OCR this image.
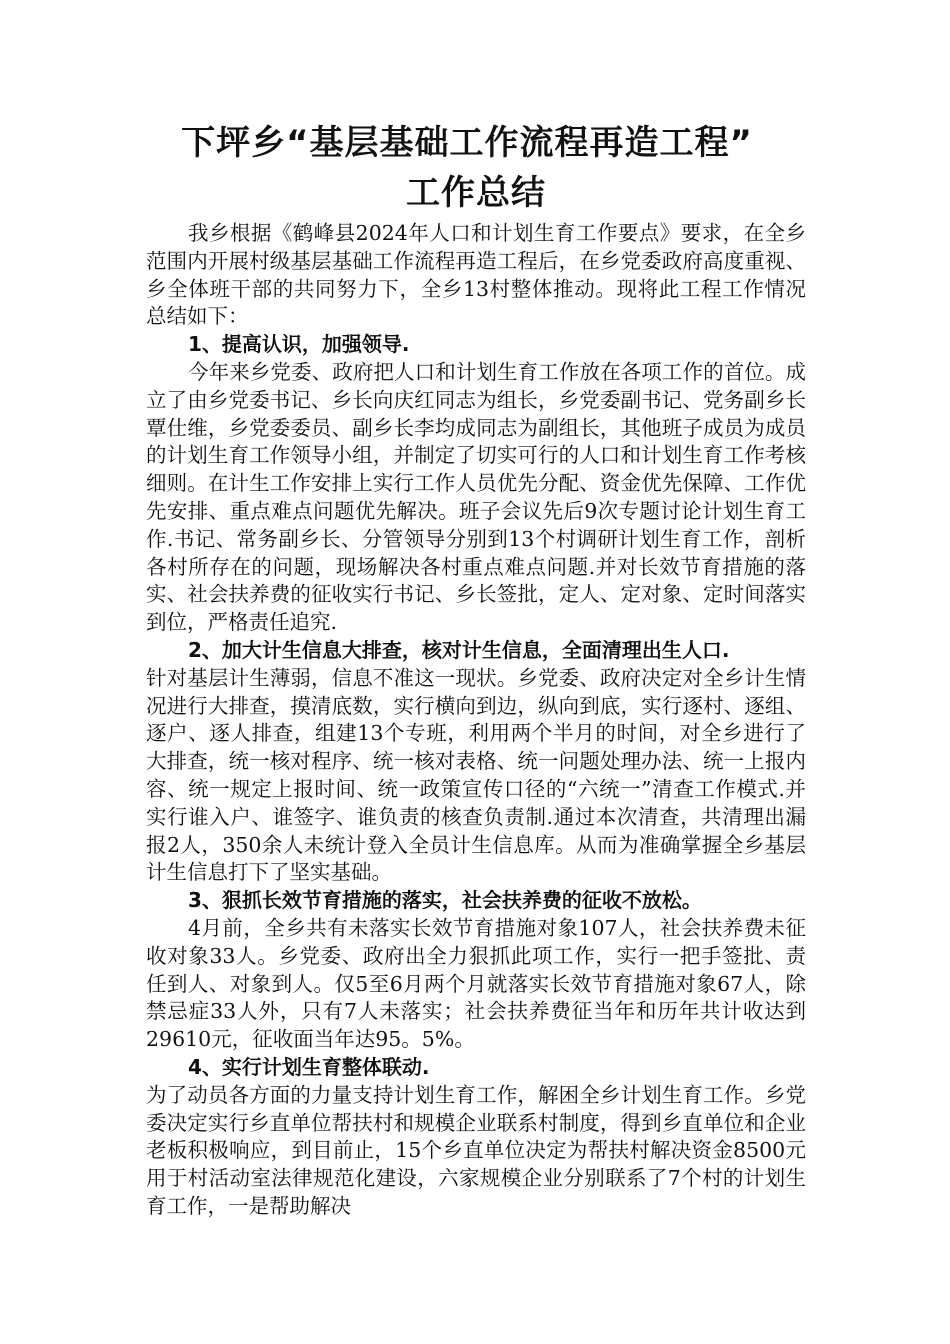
下坪乡“基层基础工作流程再造工程”
工作总结

我乡根据《鹤峰县2024年人口和计划生育工作要点》要求，在全乡范围内开展村级基层基础工作流程再造工程后，在乡党委政府高度重视、乡全体班干部的共同努力下，全乡13村整体推动。现将此工程工作情况总结如下：

1、提高认识，加强领导.

今年来乡党委、政府把人口和计划生育工作放在各项工作的首位。成立了由乡党委书记、乡长向庆红同志为组长，乡党委副书记、党务副乡长覃仕维，乡党委委员、副乡长李均成同志为副组长，其他班子成员为成员的计划生育工作领导小组，并制定了切实可行的人口和计划生育工作考核细则。在计生工作安排上实行工作人员优先分配、资金优先保障、工作优先安排、重点难点问题优先解决。班子会议先后9次专题讨论计划生育工作.书记、常务副乡长、分管领导分别到13个村调研计划生育工作，剖析各村所存在的问题，现场解决各村重点难点问题.并对长效节育措施的落实、社会扶养费的征收实行书记、乡长签批，定人、定对象、定时间落实到位，严格责任追究.

2、加大计生信息大排查，核对计生信息，全面清理出生人口.

针对基层计生薄弱，信息不准这一现状。乡党委、政府决定对全乡计生情况进行大排查，摸清底数，实行横向到边，纵向到底，实行逐村、逐组、逐户、逐人排查，组建13个专班，利用两个半月的时间，对全乡进行了大排查，统一核对程序、统一核对表格、统一问题处理办法、统一上报内容、统一规定上报时间、统一政策宣传口径的“六统一”清查工作模式.并实行谁入户、谁签字、谁负责的核查负责制.通过本次清查，共清理出漏报2人，350余人未统计登入全员计生信息库。从而为准确掌握全乡基层计生信息打下了坚实基础。

3、狠抓长效节育措施的落实，社会扶养费的征收不放松。

4月前，全乡共有未落实长效节育措施对象107人，社会扶养费未征收对象33人。乡党委、政府出全力狠抓此项工作，实行一把手签批、责任到人、对象到人。仅5至6月两个月就落实长效节育措施对象67人，除禁忌症33人外，只有7人未落实；社会扶养费征当年和历年共计收达到29610元，征收面当年达95。5%。

4、实行计划生育整体联动.

为了动员各方面的力量支持计划生育工作，解困全乡计划生育工作。乡党委决定实行乡直单位帮扶村和规模企业联系村制度，得到乡直单位和企业老板积极响应，到目前止，15个乡直单位决定为帮扶村解决资金8500元用于村活动室法律规范化建设，六家规模企业分别联系了7个村的计划生育工作，一是帮助解决
